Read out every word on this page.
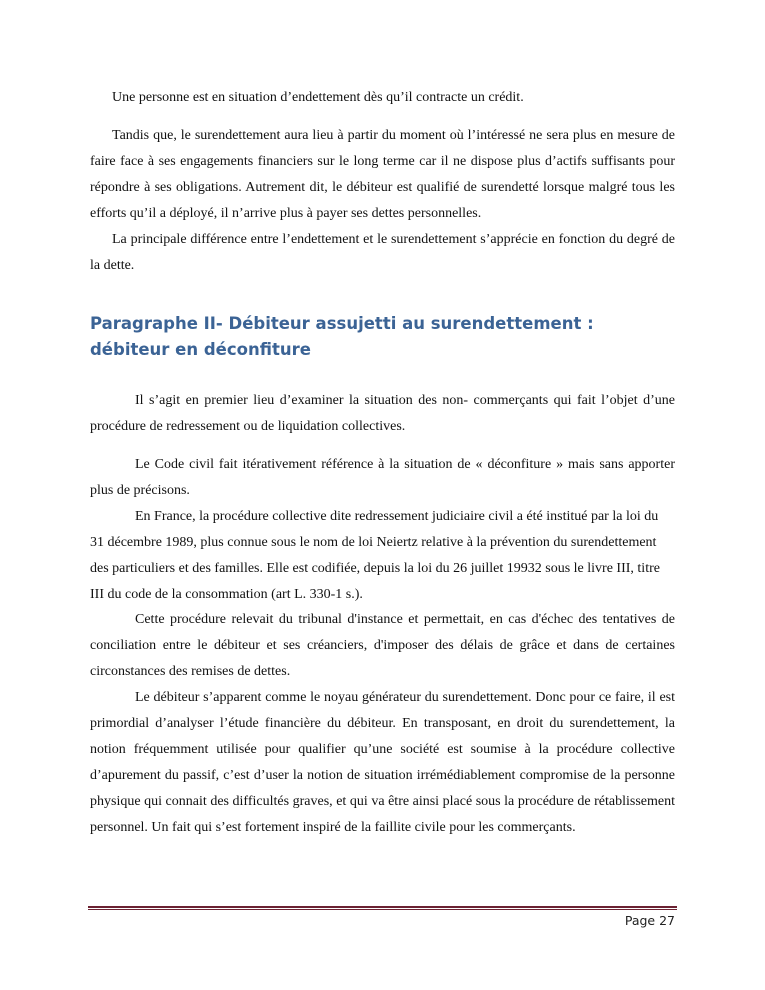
Une personne est en situation d’endettement dès qu’il contracte un crédit.

Tandis que, le surendettement aura lieu à partir du moment où l’intéressé ne sera plus en mesure de faire face à ses engagements financiers sur le long terme car il ne dispose plus d’actifs suffisants pour répondre à ses obligations. Autrement dit, le débiteur est qualifié de surendetté lorsque malgré tous les efforts qu’il a déployé, il n’arrive plus à payer ses dettes personnelles.

La principale différence entre l’endettement et le surendettement s’apprécie en fonction du degré de la dette.

Il s’agit en premier lieu d’examiner la situation des non- commerçants qui fait l’objet d’une procédure de redressement ou de liquidation collectives.

Le Code civil fait itérativement référence à la situation de « déconfiture » mais sans apporter plus de précisons.

En France, la procédure collective dite redressement judiciaire civil a été institué par la loi du 31 décembre 1989, plus connue sous le nom de loi Neiertz relative à la prévention du surendettement des particuliers et des familles. Elle est codifiée, depuis la loi du 26 juillet 19932 sous le livre III, titre III du code de la consommation (art L. 330-1 s.).

Cette procédure relevait du tribunal d'instance et permettait, en cas d'échec des tentatives de conciliation entre le débiteur et ses créanciers, d'imposer des délais de grâce et dans de certaines circonstances des remises de dettes.

Le débiteur s’apparent comme le noyau générateur du surendettement. Donc pour ce faire, il est primordial d’analyser l’étude financière du débiteur. En transposant, en droit du surendettement, la notion fréquemment utilisée pour qualifier qu’une société est soumise à la procédure collective d’apurement du passif, c’est d’user la notion de situation irrémédiablement compromise de la personne physique qui connait des difficultés graves, et qui va être ainsi placé sous la procédure de rétablissement personnel. Un fait qui s’est fortement inspiré de la faillite civile pour les commerçants.

Paragraphe II- Débiteur assujetti au surendettement : débiteur en déconfiture
Page 27
